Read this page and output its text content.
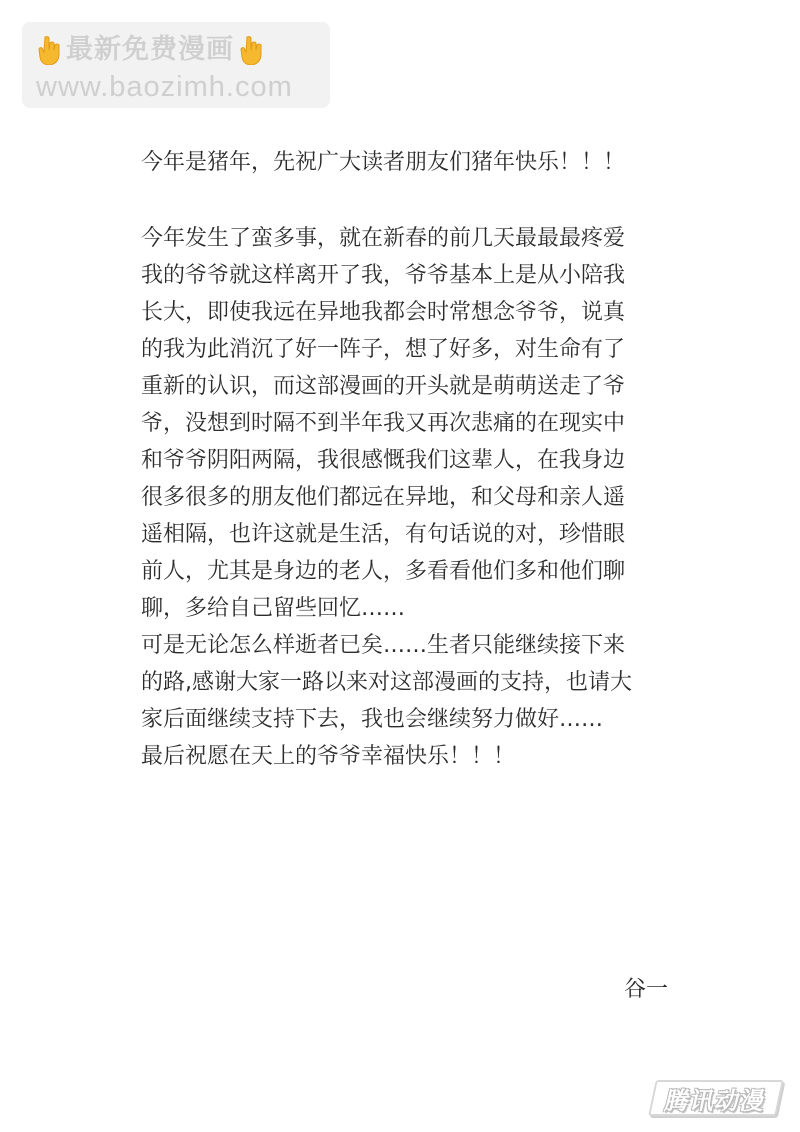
最新免费漫画
www.baozimh.com
今年是猪年，先祝广大读者朋友们猪年快乐！！！
今年发生了蛮多事，就在新春的前几天最最最疼爱
我的爷爷就这样离开了我，爷爷基本上是从小陪我
长大，即使我远在异地我都会时常想念爷爷，说真
的我为此消沉了好一阵子，想了好多，对生命有了
重新的认识，而这部漫画的开头就是萌萌送走了爷
爷，没想到时隔不到半年我又再次悲痛的在现实中
和爷爷阴阳两隔，我很感慨我们这辈人，在我身边
很多很多的朋友他们都远在异地，和父母和亲人遥
遥相隔，也许这就是生活，有句话说的对，珍惜眼
前人，尤其是身边的老人，多看看他们多和他们聊
聊，多给自己留些回忆……
可是无论怎么样逝者已矣……生者只能继续接下来
的路,感谢大家一路以来对这部漫画的支持，也请大
家后面继续支持下去，我也会继续努力做好……
最后祝愿在天上的爷爷幸福快乐！！！
谷一
腾讯动漫
